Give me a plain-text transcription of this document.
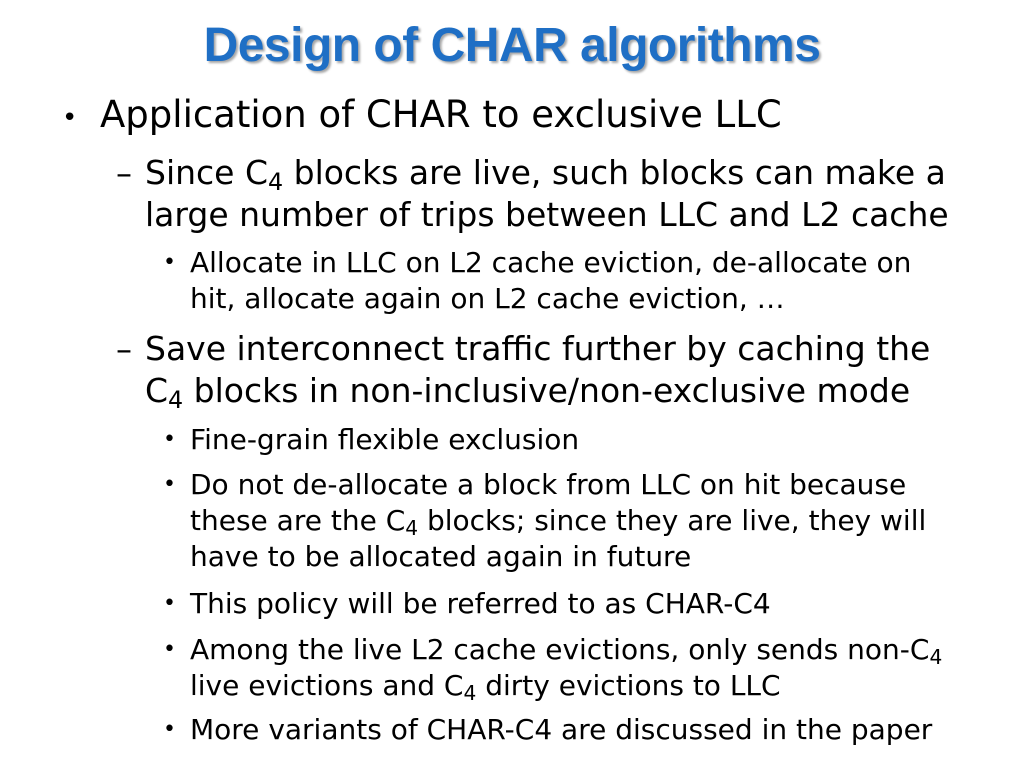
Design of CHAR algorithms
• Application of CHAR to exclusive LLC
– Since $C_4$ blocks are live, such blocks can make a
large number of trips between LLC and L2 cache
• Allocate in LLC on L2 cache eviction, de-allocate on
hit, allocate again on L2 cache eviction, …
– Save interconnect traffic further by caching the
$C_4$ blocks in non-inclusive/non-exclusive mode
• Fine-grain flexible exclusion
• Do not de-allocate a block from LLC on hit because
these are the $C_4$ blocks; since they are live, they will
have to be allocated again in future
• This policy will be referred to as CHAR-C4
• Among the live L2 cache evictions, only sends non-$C_4$
live evictions and $C_4$ dirty evictions to LLC
• More variants of CHAR-C4 are discussed in the paper
